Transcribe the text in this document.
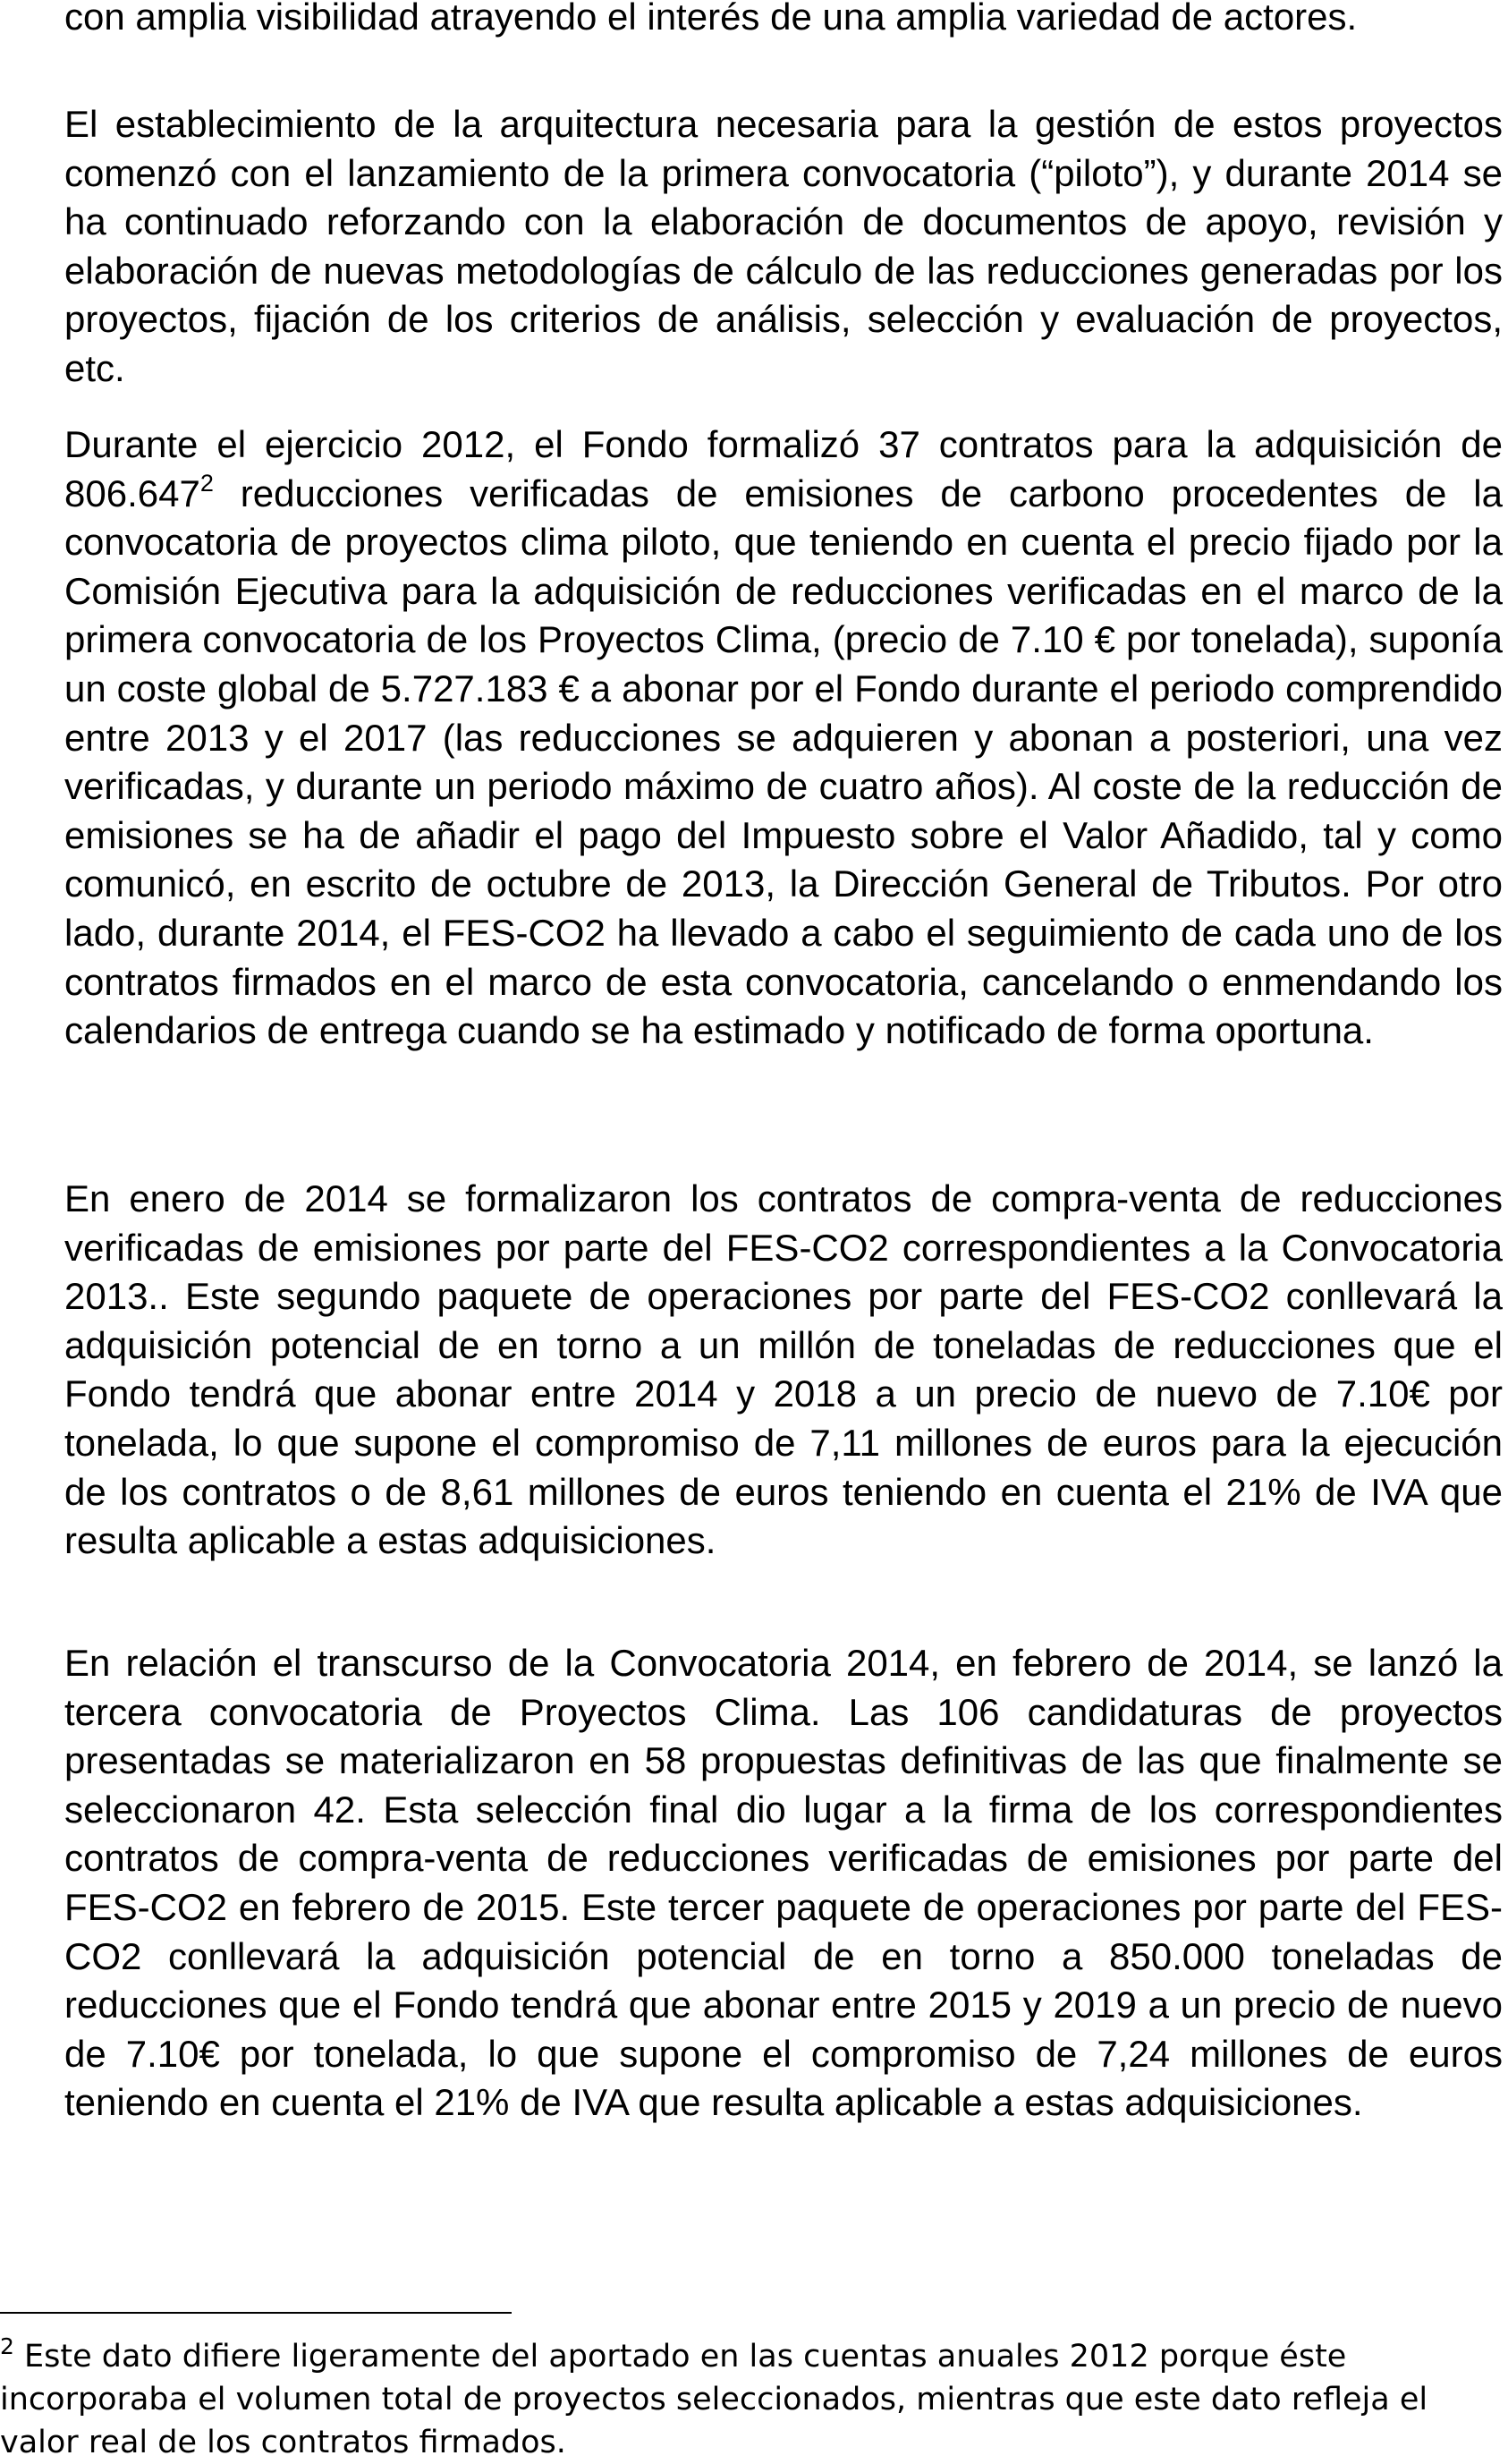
con amplia visibilidad atrayendo el interés de una amplia variedad de actores.

El establecimiento de la arquitectura necesaria para la gestión de estos proyectos comenzó con el lanzamiento de la primera convocatoria (“piloto”), y durante 2014 se ha continuado reforzando con la elaboración de documentos de apoyo, revisión y elaboración de nuevas metodologías de cálculo de las reducciones generadas por los proyectos, fijación de los criterios de análisis, selección y evaluación de proyectos, etc.

Durante el ejercicio 2012, el Fondo formalizó 37 contratos para la adquisición de 806.647$^2$ reducciones verificadas de emisiones de carbono procedentes de la convocatoria de proyectos clima piloto, que teniendo en cuenta el precio fijado por la Comisión Ejecutiva para la adquisición de reducciones verificadas en el marco de la primera convocatoria de los Proyectos Clima, (precio de 7.10 € por tonelada), suponía un coste global de 5.727.183 € a abonar por el Fondo durante el periodo comprendido entre 2013 y el 2017 (las reducciones se adquieren y abonan a posteriori, una vez verificadas, y durante un periodo máximo de cuatro años). Al coste de la reducción de emisiones se ha de añadir el pago del Impuesto sobre el Valor Añadido, tal y como comunicó, en escrito de octubre de 2013, la Dirección General de Tributos. Por otro lado, durante 2014, el FES-CO2 ha llevado a cabo el seguimiento de cada uno de los contratos firmados en el marco de esta convocatoria, cancelando o enmendando los calendarios de entrega cuando se ha estimado y notificado de forma oportuna.

En enero de 2014 se formalizaron los contratos de compra-venta de reducciones verificadas de emisiones por parte del FES-CO2 correspondientes a la Convocatoria 2013.. Este segundo paquete de operaciones por parte del FES-CO2 conllevará la adquisición potencial de en torno a un millón de toneladas de reducciones que el Fondo tendrá que abonar entre 2014 y 2018 a un precio de nuevo de 7.10€ por tonelada, lo que supone el compromiso de 7,11 millones de euros para la ejecución de los contratos o de 8,61 millones de euros teniendo en cuenta el 21% de IVA que resulta aplicable a estas adquisiciones.

En relación el transcurso de la Convocatoria 2014, en febrero de 2014, se lanzó la tercera convocatoria de Proyectos Clima. Las 106 candidaturas de proyectos presentadas se materializaron en 58 propuestas definitivas de las que finalmente se seleccionaron 42. Esta selección final dio lugar a la firma de los correspondientes contratos de compra-venta de reducciones verificadas de emisiones por parte del FES-CO2 en febrero de 2015. Este tercer paquete de operaciones por parte del FES-CO2 conllevará la adquisición potencial de en torno a 850.000 toneladas de reducciones que el Fondo tendrá que abonar entre 2015 y 2019 a un precio de nuevo de 7.10€ por tonelada, lo que supone el compromiso de 7,24 millones de euros teniendo en cuenta el 21% de IVA que resulta aplicable a estas adquisiciones.

$^2$ Este dato difiere ligeramente del aportado en las cuentas anuales 2012 porque éste incorporaba el volumen total de proyectos seleccionados, mientras que este dato refleja el valor real de los contratos firmados.
